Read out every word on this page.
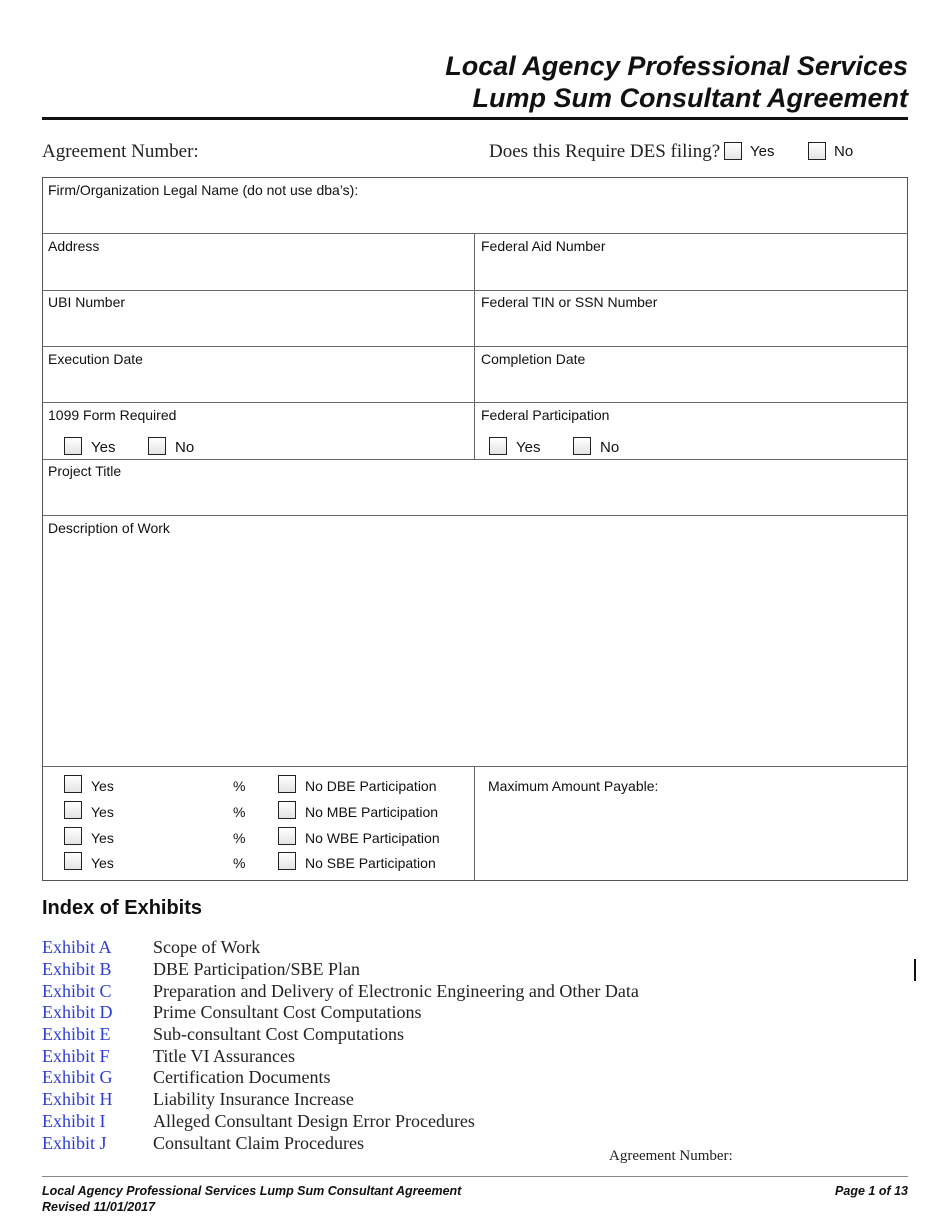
Local Agency Professional Services
Lump Sum Consultant Agreement
Agreement Number:	Does this Require DES filing? Yes	No
Firm/Organization Legal Name (do not use dba’s):
Address	Federal Aid Number
UBI Number	Federal TIN or SSN Number
Execution Date	Completion Date
1099 Form Required	Federal Participation
Yes	No	Yes	No
Project Title
Description of Work
Yes	%	No DBE Participation
Yes	%	No MBE Participation
Yes	%	No WBE Participation
Yes	%	No SBE Participation
Maximum Amount Payable:
Index of Exhibits
Exhibit A Scope of Work
Exhibit B DBE Participation/SBE Plan
Exhibit C Preparation and Delivery of Electronic Engineering and Other Data
Exhibit D Prime Consultant Cost Computations
Exhibit E Sub-consultant Cost Computations
Exhibit F Title VI Assurances
Exhibit G Certification Documents
Exhibit H Liability Insurance Increase
Exhibit I	Alleged Consultant Design Error Procedures
Exhibit J	Consultant Claim Procedures
Agreement Number:
Local Agency Professional Services Lump Sum Consultant Agreement
Revised 11/01/2017
Page 1 of 13
